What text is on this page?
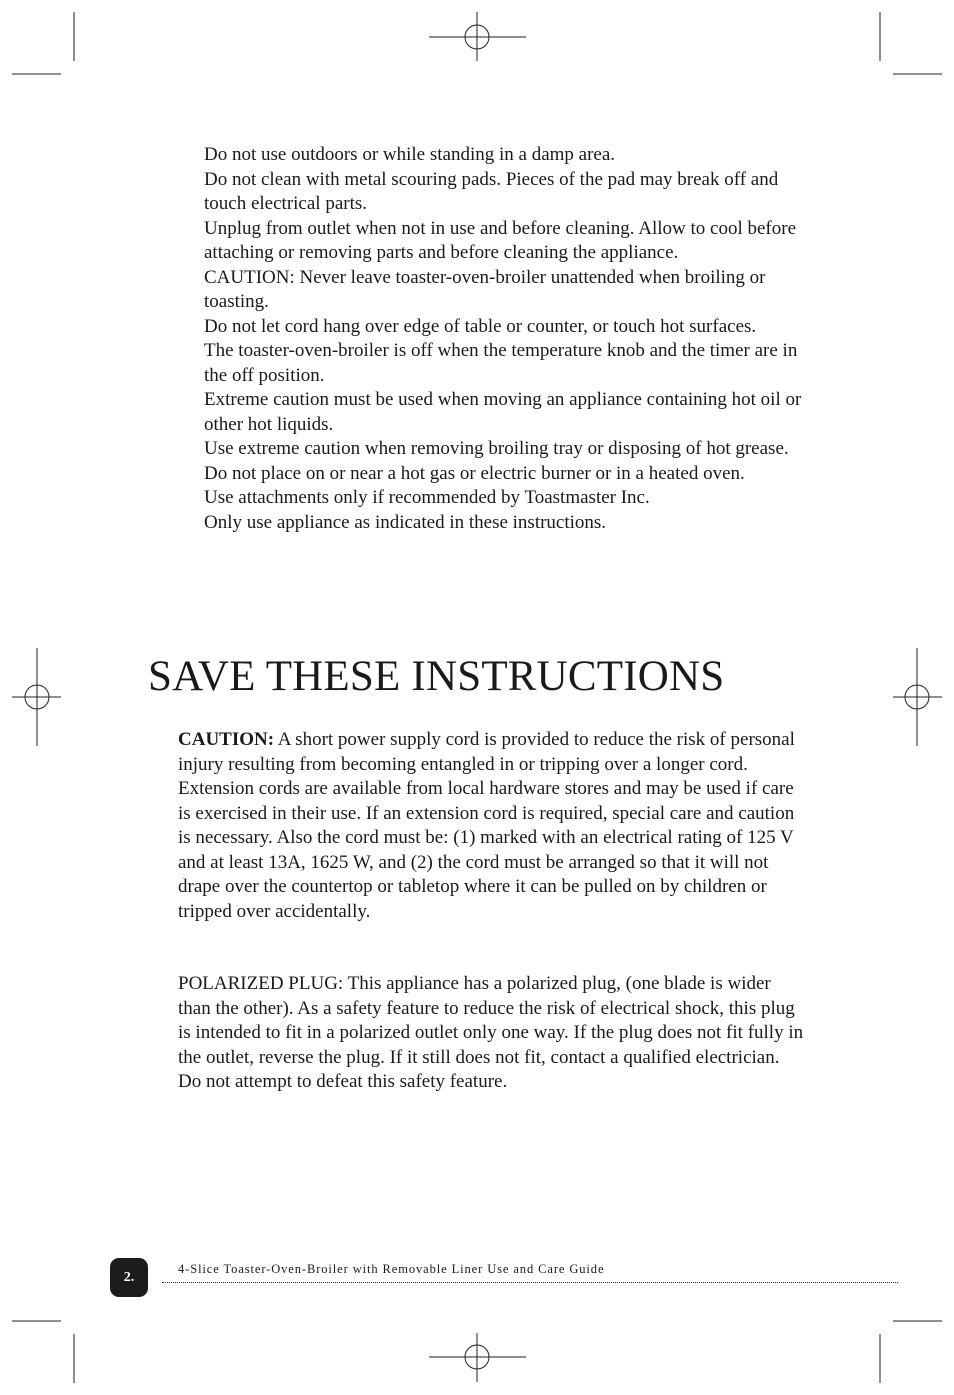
Do not use outdoors or while standing in a damp area.
Do not clean with metal scouring pads. Pieces of the pad may break off and touch electrical parts.
Unplug from outlet when not in use and before cleaning. Allow to cool before attaching or removing parts and before cleaning the appliance.
CAUTION: Never leave toaster-oven-broiler unattended when broiling or toasting.
Do not let cord hang over edge of table or counter, or touch hot surfaces.
The toaster-oven-broiler is off when the temperature knob and the timer are in the off position.
Extreme caution must be used when moving an appliance containing hot oil or other hot liquids.
Use extreme caution when removing broiling tray or disposing of hot grease.
Do not place on or near a hot gas or electric burner or in a heated oven.
Use attachments only if recommended by Toastmaster Inc.
Only use appliance as indicated in these instructions.
SAVE THESE INSTRUCTIONS

CAUTION: A short power supply cord is provided to reduce the risk of personal injury resulting from becoming entangled in or tripping over a longer cord. Extension cords are available from local hardware stores and may be used if care is exercised in their use. If an extension cord is required, special care and caution is necessary. Also the cord must be: (1) marked with an electrical rating of 125 V and at least 13A, 1625 W, and (2) the cord must be arranged so that it will not drape over the countertop or tabletop where it can be pulled on by children or tripped over accidentally.

POLARIZED PLUG: This appliance has a polarized plug, (one blade is wider than the other). As a safety feature to reduce the risk of electrical shock, this plug is intended to fit in a polarized outlet only one way. If the plug does not fit fully in the outlet, reverse the plug. If it still does not fit, contact a qualified electrician. Do not attempt to defeat this safety feature.

2.
4-Slice Toaster-Oven-Broiler with Removable Liner Use and Care Guide
